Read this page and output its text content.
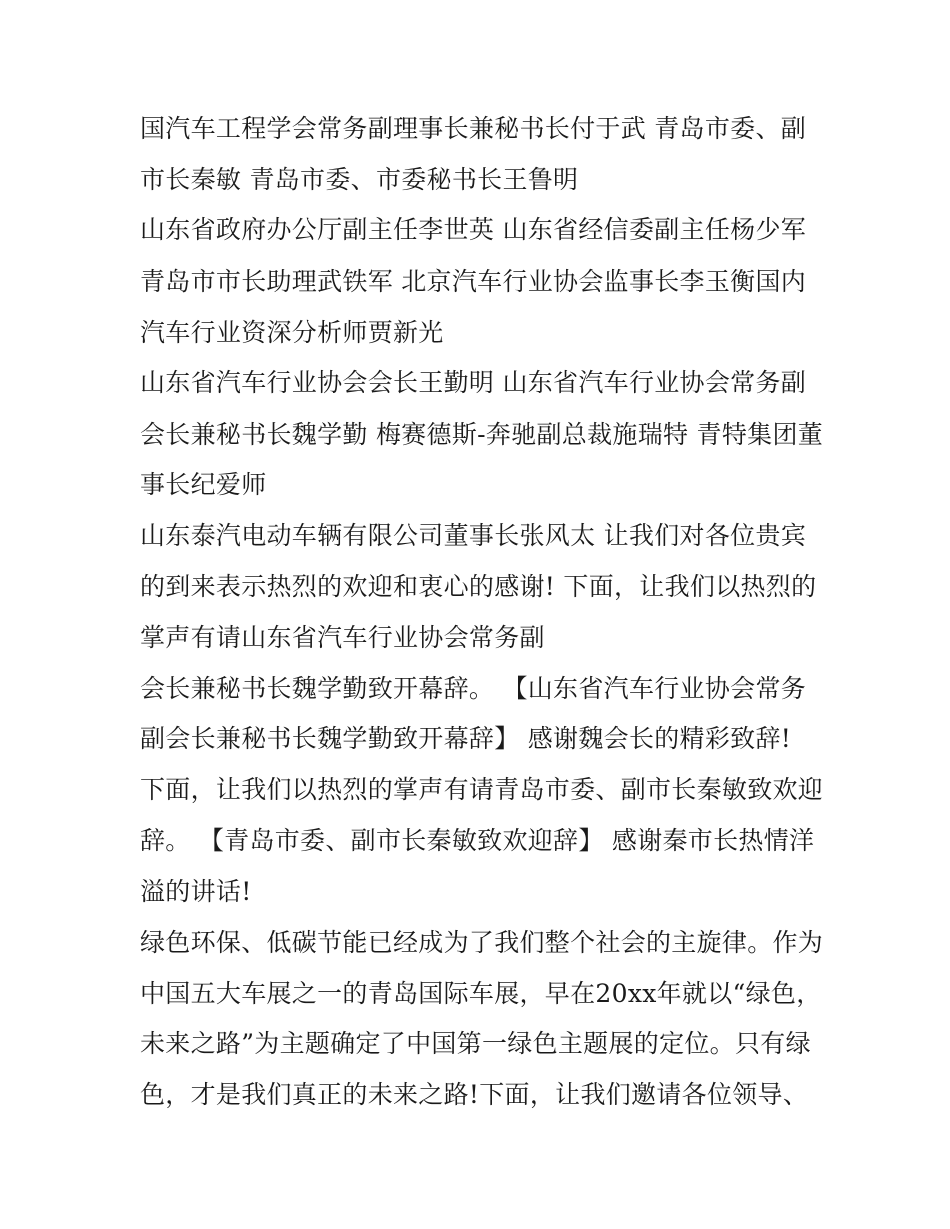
国汽车工程学会常务副理事长兼秘书长付于武 青岛市委、副
市长秦敏 青岛市委、市委秘书长王鲁明
山东省政府办公厅副主任李世英 山东省经信委副主任杨少军
青岛市市长助理武铁军 北京汽车行业协会监事长李玉衡国内
汽车行业资深分析师贾新光
山东省汽车行业协会会长王勤明 山东省汽车行业协会常务副
会长兼秘书长魏学勤 梅赛德斯-奔驰副总裁施瑞特 青特集团董
事长纪爱师
山东泰汽电动车辆有限公司董事长张风太 让我们对各位贵宾
的到来表示热烈的欢迎和衷心的感谢! 下面，让我们以热烈的
掌声有请山东省汽车行业协会常务副
会长兼秘书长魏学勤致开幕辞。 【山东省汽车行业协会常务
副会长兼秘书长魏学勤致开幕辞】 感谢魏会长的精彩致辞!
下面，让我们以热烈的掌声有请青岛市委、副市长秦敏致欢迎
辞。 【青岛市委、副市长秦敏致欢迎辞】 感谢秦市长热情洋
溢的讲话!
绿色环保、低碳节能已经成为了我们整个社会的主旋律。作为
中国五大车展之一的青岛国际车展，早在20xx年就以“绿色，
未来之路”为主题确定了中国第一绿色主题展的定位。只有绿
色，才是我们真正的未来之路!下面，让我们邀请各位领导、
